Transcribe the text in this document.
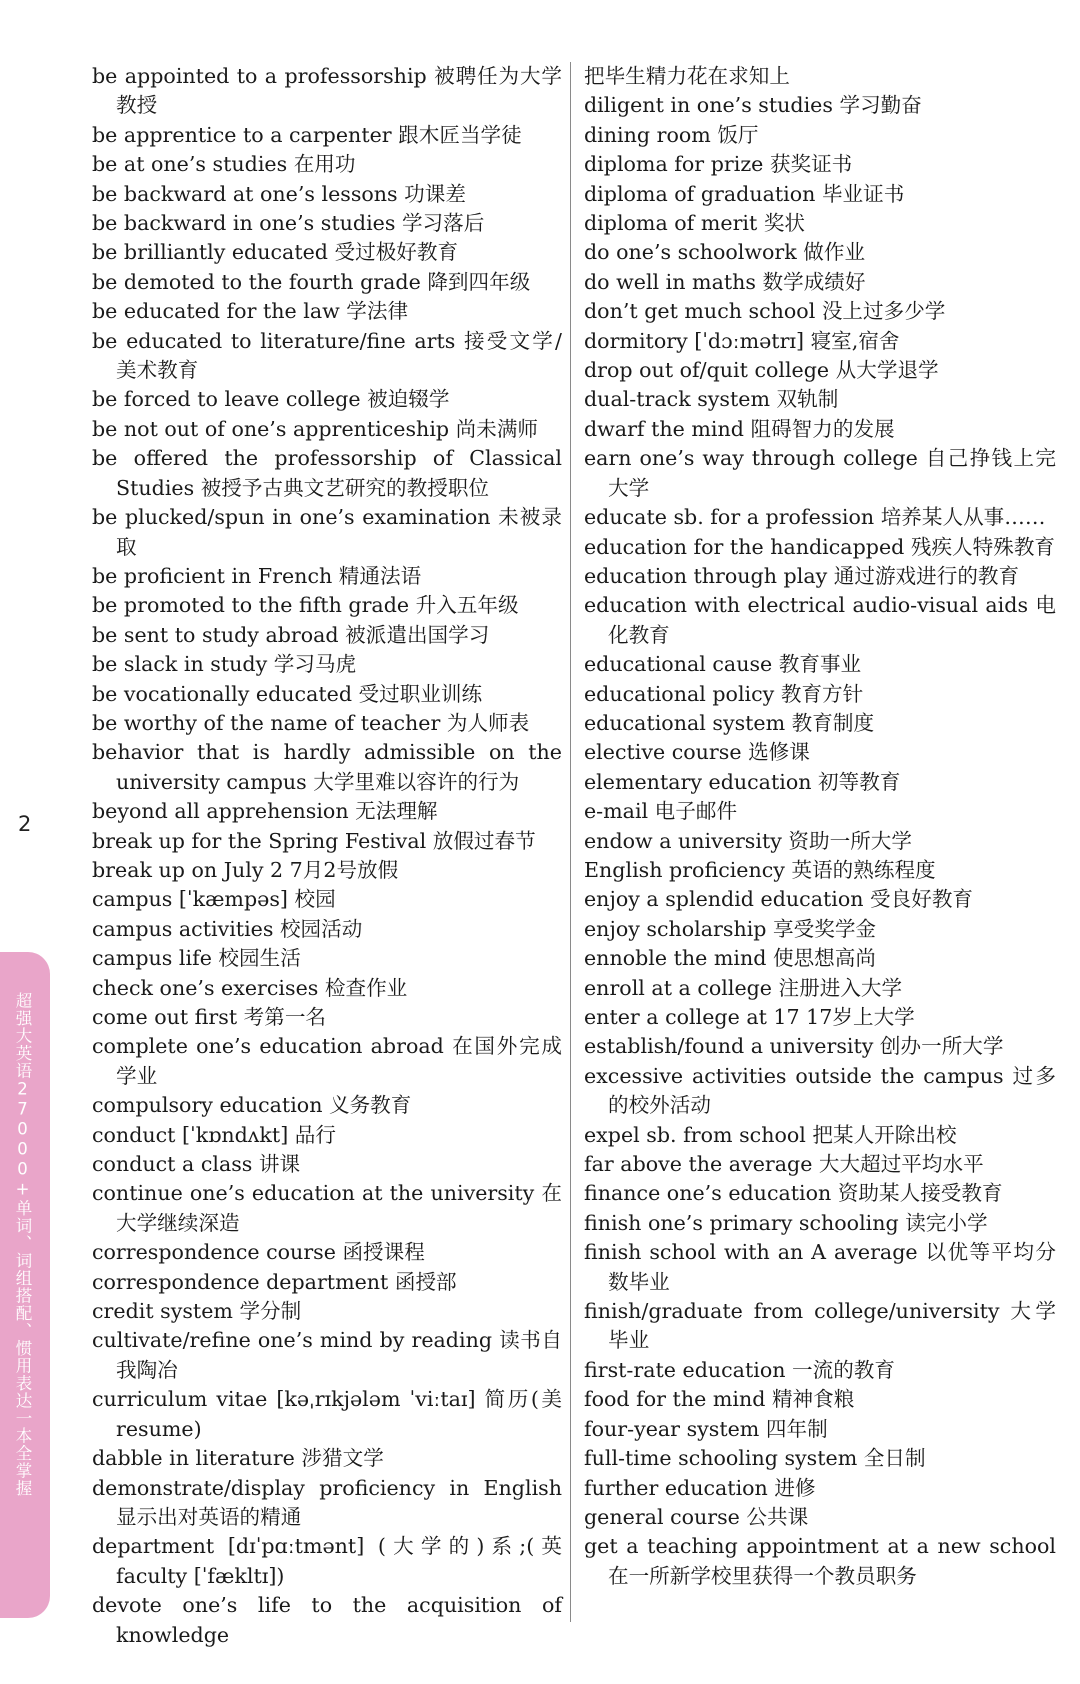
be appointed to a professorship 被聘任为大学教授
be apprentice to a carpenter 跟木匠当学徒
be at one’s studies 在用功
be backward at one’s lessons 功课差
be backward in one’s studies 学习落后
be brilliantly educated 受过极好教育
be demoted to the fourth grade 降到四年级
be educated for the law 学法律
be educated to literature/fine arts 接受文学/美术教育
be forced to leave college 被迫辍学
be not out of one’s apprenticeship 尚未满师
be offered the professorship of Classical Studies 被授予古典文艺研究的教授职位
be plucked/spun in one’s examination 未被录取
be proficient in French 精通法语
be promoted to the fifth grade 升入五年级
be sent to study abroad 被派遣出国学习
be slack in study 学习马虎
be vocationally educated 受过职业训练
be worthy of the name of teacher 为人师表
behavior that is hardly admissible on the university campus 大学里难以容许的行为
beyond all apprehension 无法理解
break up for the Spring Festival 放假过春节
break up on July 2 7月2号放假
campus [ˈkæmpəs] 校园
campus activities 校园活动
campus life 校园生活
check one’s exercises 检查作业
come out first 考第一名
complete one’s education abroad 在国外完成学业
compulsory education 义务教育
conduct [ˈkɒndʌkt] 品行
conduct a class 讲课
continue one’s education at the university 在大学继续深造
correspondence course 函授课程
correspondence department 函授部
credit system 学分制
cultivate/refine one’s mind by reading 读书自我陶冶
curriculum vitae [kəˌrɪkjələm ˈviːtaɪ] 简历(美 resume)
dabble in literature 涉猎文学
demonstrate/display proficiency in English 显示出对英语的精通
department [dɪˈpɑːtmənt] (大学的)系;(英 faculty [ˈfækltɪ])
devote one’s life to the acquisition of knowledge
把毕生精力花在求知上
diligent in one’s studies 学习勤奋
dining room 饭厅
diploma for prize 获奖证书
diploma of graduation 毕业证书
diploma of merit 奖状
do one’s schoolwork 做作业
do well in maths 数学成绩好
don’t get much school 没上过多少学
dormitory [ˈdɔːmətrɪ] 寝室,宿舍
drop out of/quit college 从大学退学
dual-track system 双轨制
dwarf the mind 阻碍智力的发展
earn one’s way through college 自己挣钱上完大学
educate sb. for a profession 培养某人从事……
education for the handicapped 残疾人特殊教育
education through play 通过游戏进行的教育
education with electrical audio-visual aids 电化教育
educational cause 教育事业
educational policy 教育方针
educational system 教育制度
elective course 选修课
elementary education 初等教育
e-mail 电子邮件
endow a university 资助一所大学
English proficiency 英语的熟练程度
enjoy a splendid education 受良好教育
enjoy scholarship 享受奖学金
ennoble the mind 使思想高尚
enroll at a college 注册进入大学
enter a college at 17 17岁上大学
establish/found a university 创办一所大学
excessive activities outside the campus 过多的校外活动
expel sb. from school 把某人开除出校
far above the average 大大超过平均水平
finance one’s education 资助某人接受教育
finish one’s primary schooling 读完小学
finish school with an A average 以优等平均分数毕业
finish/graduate from college/university 大学毕业
first-rate education 一流的教育
food for the mind 精神食粮
four-year system 四年制
full-time schooling system 全日制
further education 进修
general course 公共课
get a teaching appointment at a new school 在一所新学校里获得一个教员职务
2
超强大英语27000+单词、词组搭配、惯用表达一本全掌握
